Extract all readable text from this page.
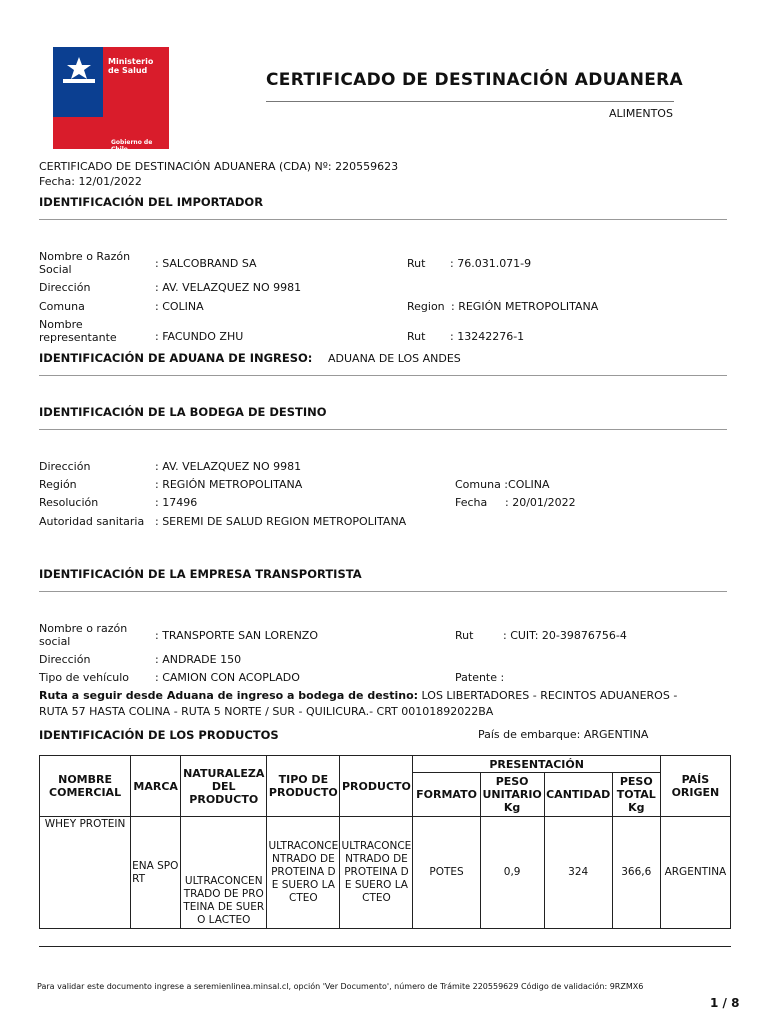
Ministerio de Salud
Gobierno de Chile
CERTIFICADO DE DESTINACIÓN ADUANERA
ALIMENTOS
CERTIFICADO DE DESTINACIÓN ADUANERA (CDA) Nº: 220559623
Fecha: 12/01/2022
IDENTIFICACIÓN DEL IMPORTADOR
Nombre o Razón Social	: SALCOBRAND SA	Rut : 76.031.071-9
Dirección	: AV. VELAZQUEZ NO 9981
Comuna	: COLINA	Region : REGIÓN METROPOLITANA
Nombre representante	: FACUNDO ZHU	Rut : 13242276-1
IDENTIFICACIÓN DE ADUANA DE INGRESO: ADUANA DE LOS ANDES
IDENTIFICACIÓN DE LA BODEGA DE DESTINO
Dirección	: AV. VELAZQUEZ NO 9981
Región	: REGIÓN METROPOLITANA	Comuna :COLINA
Resolución	: 17496	Fecha : 20/01/2022
Autoridad sanitaria : SEREMI DE SALUD REGION METROPOLITANA
IDENTIFICACIÓN DE LA EMPRESA TRANSPORTISTA
Nombre o razón social	: TRANSPORTE SAN LORENZO	Rut	: CUIT: 20-39876756-4
Dirección	: ANDRADE 150
Tipo de vehículo : CAMION CON ACOPLADO	Patente :
Ruta a seguir desde Aduana de ingreso a bodega de destino: LOS LIBERTADORES - RECINTOS ADUANEROS -
RUTA 57 HASTA COLINA - RUTA 5 NORTE / SUR - QUILICURA.- CRT 00101892022BA
IDENTIFICACIÓN DE LOS PRODUCTOS	País de embarque: ARGENTINA
NOMBRE COMERCIAL	MARCA	NATURALEZA DEL PRODUCTO	TIPO DE PRODUCTO	PRODUCTO	PRESENTACIÓN				PAÍS ORIGEN
					FORMATO	PESO UNITARIO Kg	CANTIDAD	PESO TOTAL Kg	
WHEY PROTEIN	ENA SPORT	ULTRACONCENTRADO DE PROTEINA DE SUERO LACTEO	ULTRACONCENTRADO DE PROTEINA DE SUERO LACTEO	ULTRACONCENTRADO DE PROTEINA DE SUERO LACTEO	POTES	0,9	324	366,6	ARGENTINA
Para validar este documento ingrese a seremienlinea.minsal.cl, opción 'Ver Documento', número de Trámite 220559629 Código de validación: 9RZMX6
1 / 8
